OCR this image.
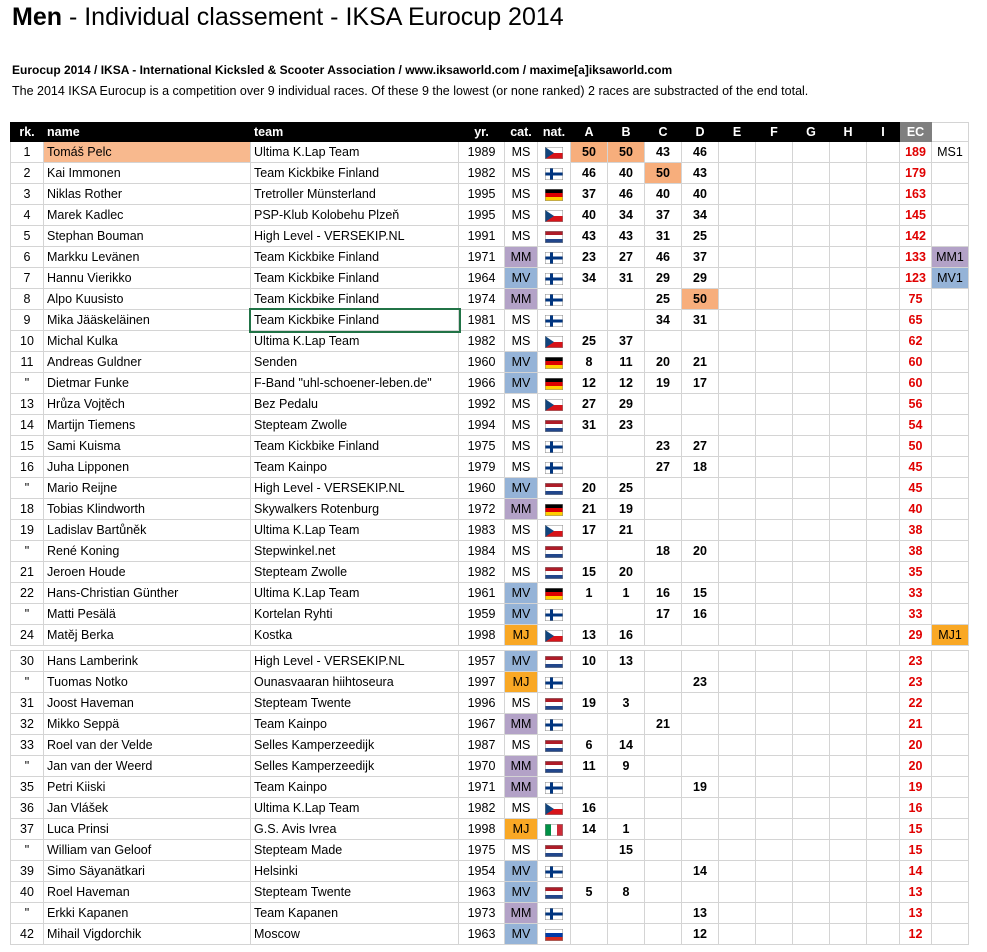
Men - Individual classement - IKSA Eurocup 2014
Eurocup 2014 / IKSA - International Kicksled & Scooter Association / www.iksaworld.com / maxime[a]iksaworld.com
The 2014 IKSA Eurocup is a competition over 9 individual races. Of these 9 the lowest (or none ranked) 2 races are substracted of the end total.
rk.	name	team	yr.	cat.	nat.	A	B	C	D	E	F	G	H	I	EC	
1	Tomáš Pelc	Ultima K.Lap Team	1989	MS		50	50	43	46						189	MS1
2	Kai Immonen	Team Kickbike Finland	1982	MS		46	40	50	43						179	
3	Niklas Rother	Tretroller Münsterland	1995	MS		37	46	40	40						163	
4	Marek Kadlec	PSP-Klub Kolobehu Plzeň	1995	MS		40	34	37	34						145	
5	Stephan Bouman	High Level - VERSEKIP.NL	1991	MS		43	43	31	25						142	
6	Markku Levänen	Team Kickbike Finland	1971	MM		23	27	46	37						133	MM1
7	Hannu Vierikko	Team Kickbike Finland	1964	MV		34	31	29	29						123	MV1
8	Alpo Kuusisto	Team Kickbike Finland	1974	MM				25	50						75	
9	Mika Jääskeläinen	Team Kickbike Finland	1981	MS				34	31						65	
10	Michal Kulka	Ultima K.Lap Team	1982	MS		25	37								62	
11	Andreas Guldner	Senden	1960	MV		8	11	20	21						60	
"	Dietmar Funke	F-Band "uhl-schoener-leben.de"	1966	MV		12	12	19	17						60	
13	Hrůza Vojtěch	Bez Pedalu	1992	MS		27	29								56	
14	Martijn Tiemens	Stepteam Zwolle	1994	MS		31	23								54	
15	Sami Kuisma	Team Kickbike Finland	1975	MS				23	27						50	
16	Juha Lipponen	Team Kainpo	1979	MS				27	18						45	
"	Mario Reijne	High Level - VERSEKIP.NL	1960	MV		20	25								45	
18	Tobias Klindworth	Skywalkers Rotenburg	1972	MM		21	19								40	
19	Ladislav Bartůněk	Ultima K.Lap Team	1983	MS		17	21								38	
"	René Koning	Stepwinkel.net	1984	MS				18	20						38	
21	Jeroen Houde	Stepteam Zwolle	1982	MS		15	20								35	
22	Hans-Christian Günther	Ultima K.Lap Team	1961	MV		1	1	16	15						33	
"	Matti Pesälä	Kortelan Ryhti	1959	MV				17	16						33	
24	Matěj Berka	Kostka	1998	MJ		13	16								29	MJ1

30	Hans Lamberink	High Level - VERSEKIP.NL	1957	MV		10	13								23	
"	Tuomas Notko	Ounasvaaran hiihtoseura	1997	MJ					23						23	
31	Joost Haveman	Stepteam Twente	1996	MS		19	3								22	
32	Mikko Seppä	Team Kainpo	1967	MM				21							21	
33	Roel van der Velde	Selles Kamperzeedijk	1987	MS		6	14								20	
"	Jan van der Weerd	Selles Kamperzeedijk	1970	MM		11	9								20	
35	Petri Kiiski	Team Kainpo	1971	MM					19						19	
36	Jan Vlášek	Ultima K.Lap Team	1982	MS		16									16	
37	Luca Prinsi	G.S. Avis Ivrea	1998	MJ		14	1								15	
"	William van Geloof	Stepteam Made	1975	MS			15								15	
39	Simo Säyanätkari	Helsinki	1954	MV					14						14	
40	Roel Haveman	Stepteam Twente	1963	MV		5	8								13	
"	Erkki Kapanen	Team Kapanen	1973	MM					13						13	
42	Mihail Vigdorchik	Moscow	1963	MV					12						12	
